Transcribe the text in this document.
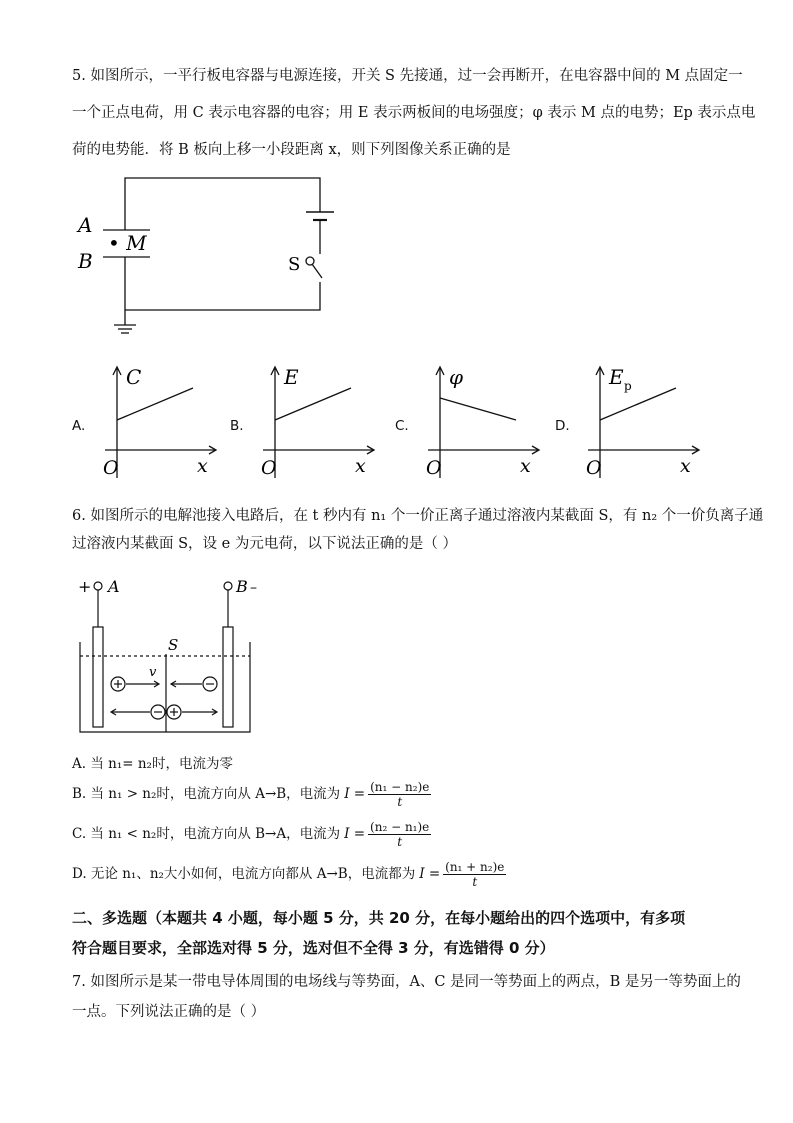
5. 如图所示，一平行板电容器与电源连接，开关 S 先接通，过一会再断开，在电容器中间的 M 点固定一
一个正点电荷，用 C 表示电容器的电容；用 E 表示两板间的电场强度；φ 表示 M 点的电势；Ep 表示点电
荷的电势能．将 B 板向上移一小段距离 x，则下列图像关系正确的是
A
B
• M
S
A.
C
O	x
B.
E
O	x
C.
φ
O	x
D.
E p
O	x
6. 如图所示的电解池接入电路后，在 t 秒内有 n₁ 个一价正离子通过溶液内某截面 S，有 n₂ 个一价负离子通
过溶液内某截面 S，设 e 为元电荷，以下说法正确的是（ ）
+ A	B –
S
v
A. 当 n₁= n₂时，电流为零
B. 当 n₁ > n₂时，电流方向从 A→B，电流为 $I = \frac{\text{(n₁ − n₂)e}}{t}$
C. 当 n₁ < n₂时，电流方向从 B→A，电流为 $I = \frac{\text{(n₂ − n₁)e}}{t}$
D. 无论 n₁、n₂大小如何，电流方向都从 A→B，电流都为 $I = \frac{\text{(n₁ + n₂)e}}{t}$
二、多选题（本题共 4 小题，每小题 5 分，共 20 分，在每小题给出的四个选项中，有多项
符合题目要求，全部选对得 5 分，选对但不全得 3 分，有选错得 0 分）
7. 如图所示是某一带电导体周围的电场线与等势面，A、C 是同一等势面上的两点，B 是另一等势面上的
一点。下列说法正确的是（ ）
